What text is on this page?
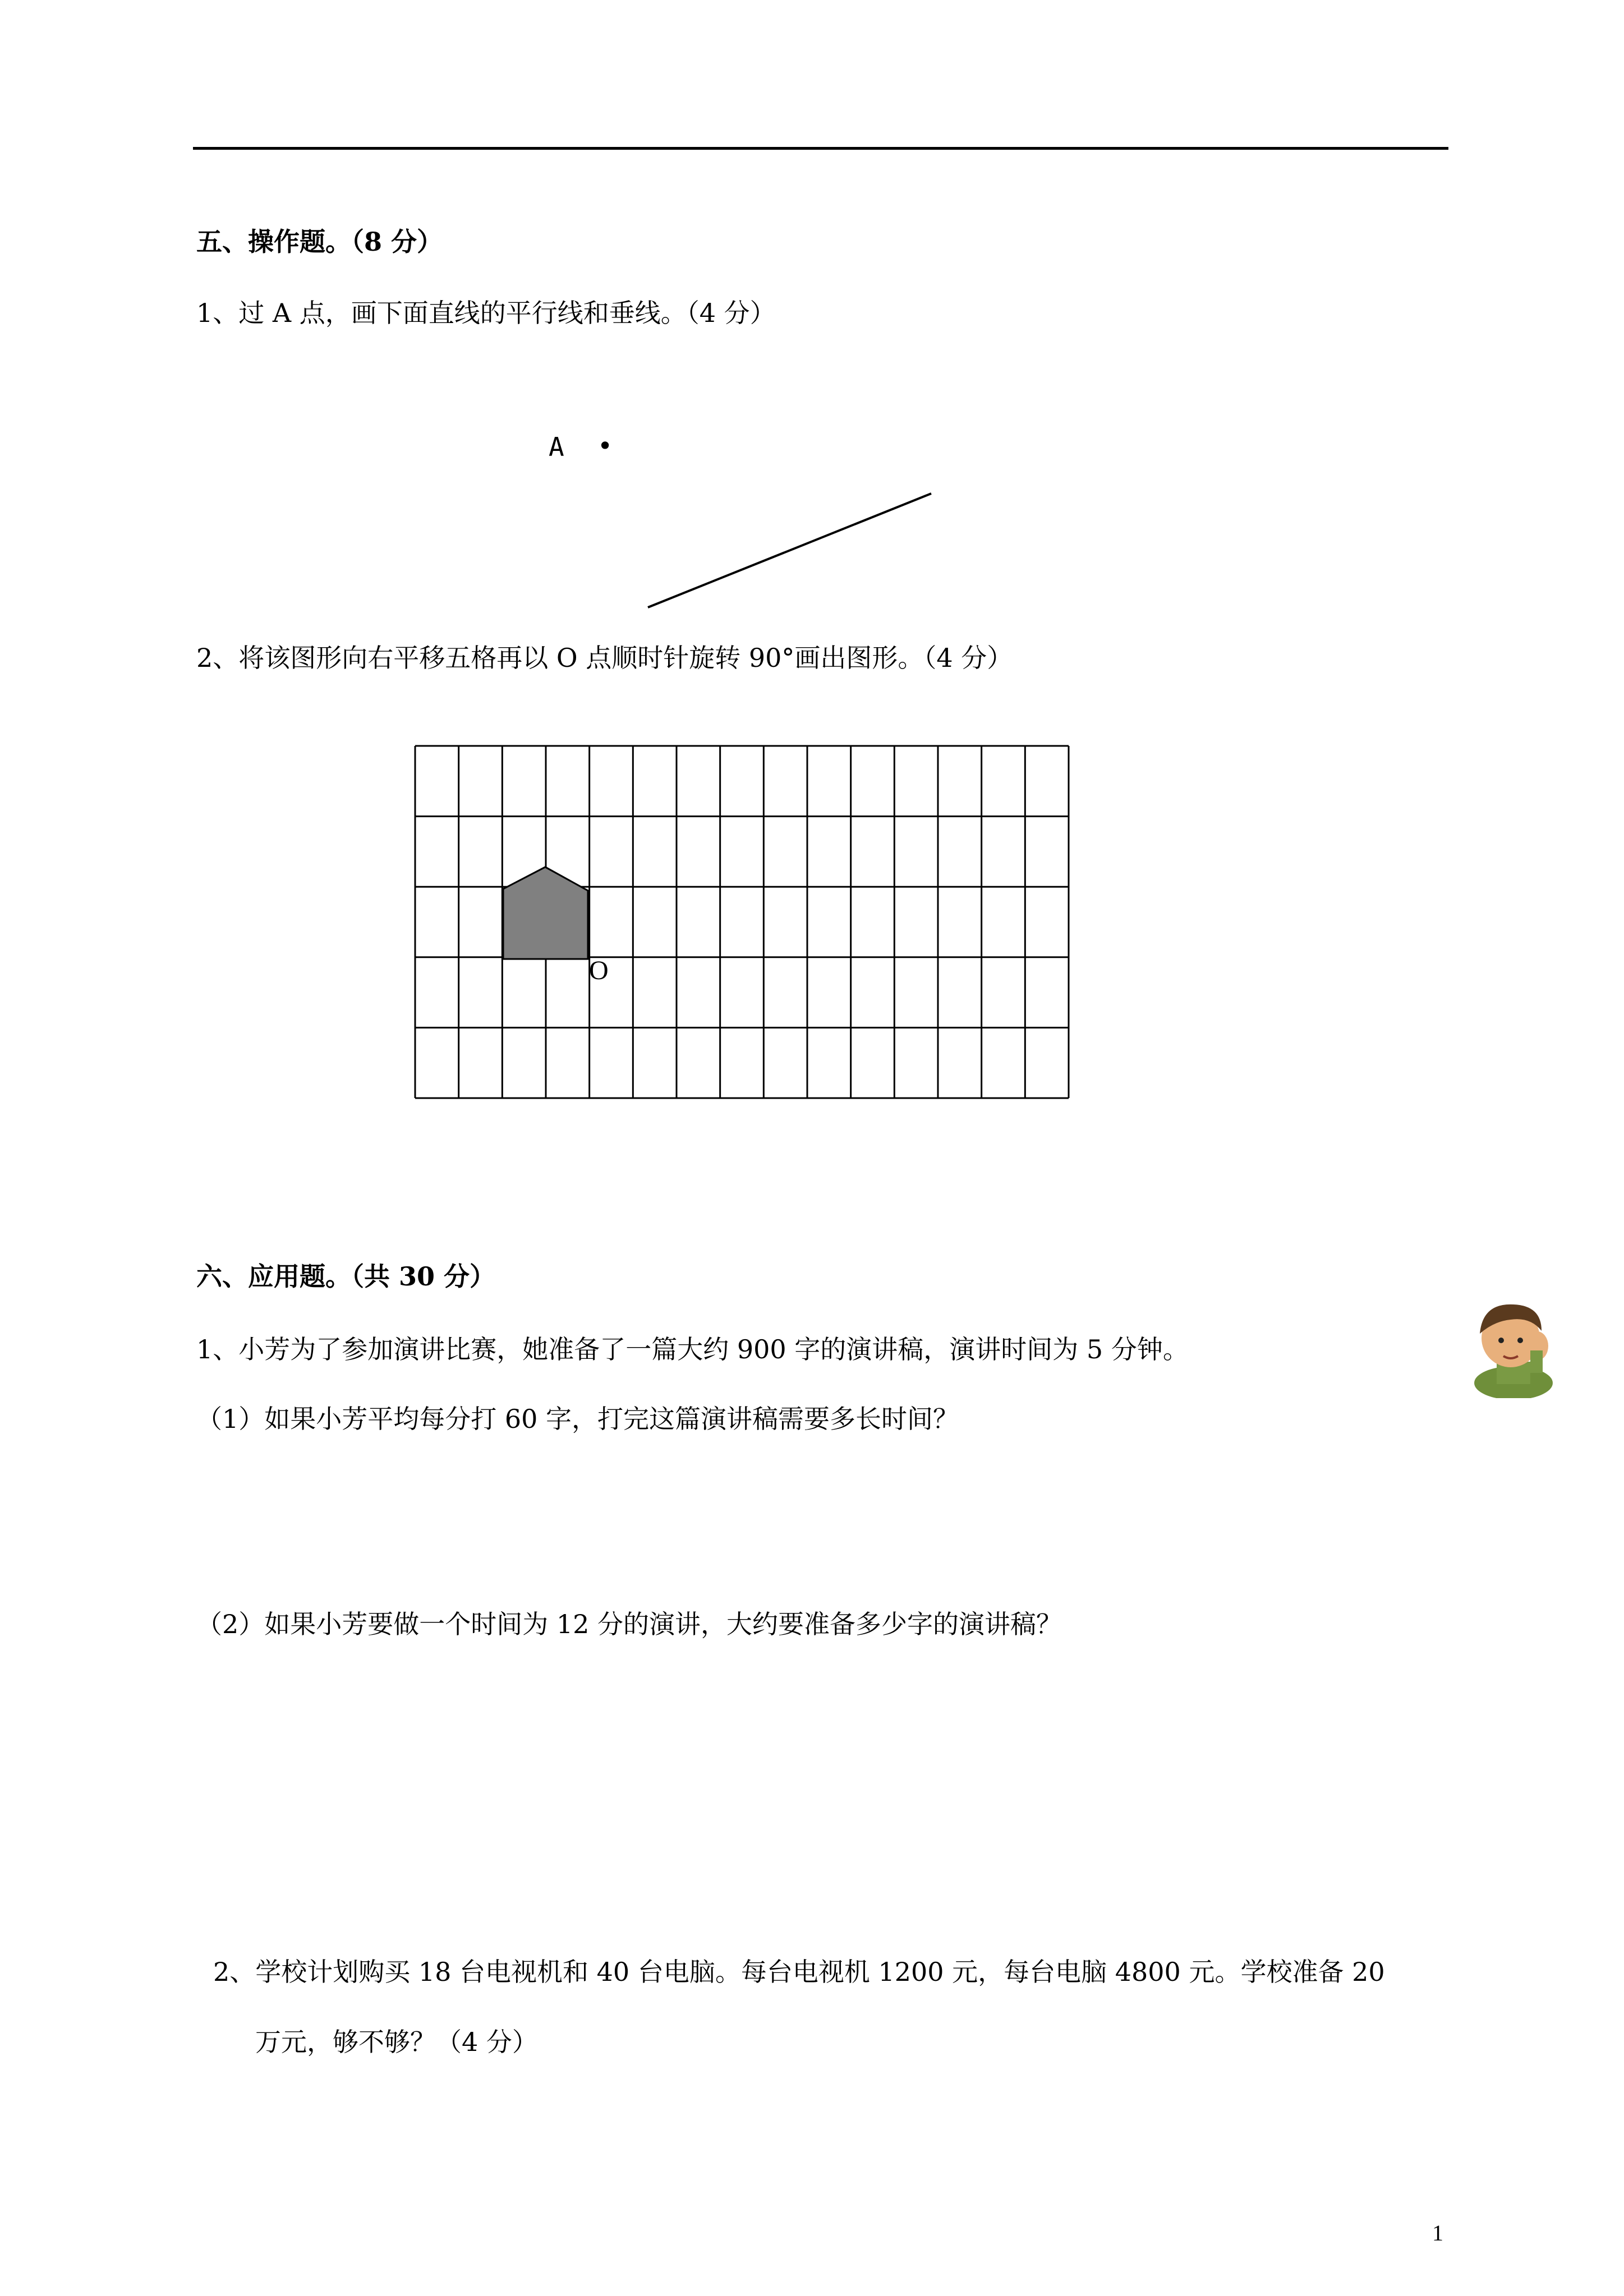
五、操作题。（8 分）
1、过 A 点，画下面直线的平行线和垂线。（4 分）
A •
2、将该图形向右平移五格再以 O 点顺时针旋转 90°画出图形。（4 分）
O
六、应用题。（共 30 分）
1、小芳为了参加演讲比赛，她准备了一篇大约 900 字的演讲稿，演讲时间为 5 分钟。
（1）如果小芳平均每分打 60 字，打完这篇演讲稿需要多长时间？
（2）如果小芳要做一个时间为 12 分的演讲，大约要准备多少字的演讲稿？
2、学校计划购买 18 台电视机和 40 台电脑。每台电视机 1200 元，每台电脑 4800 元。学校准备 20
万元，够不够？（4 分）
1
